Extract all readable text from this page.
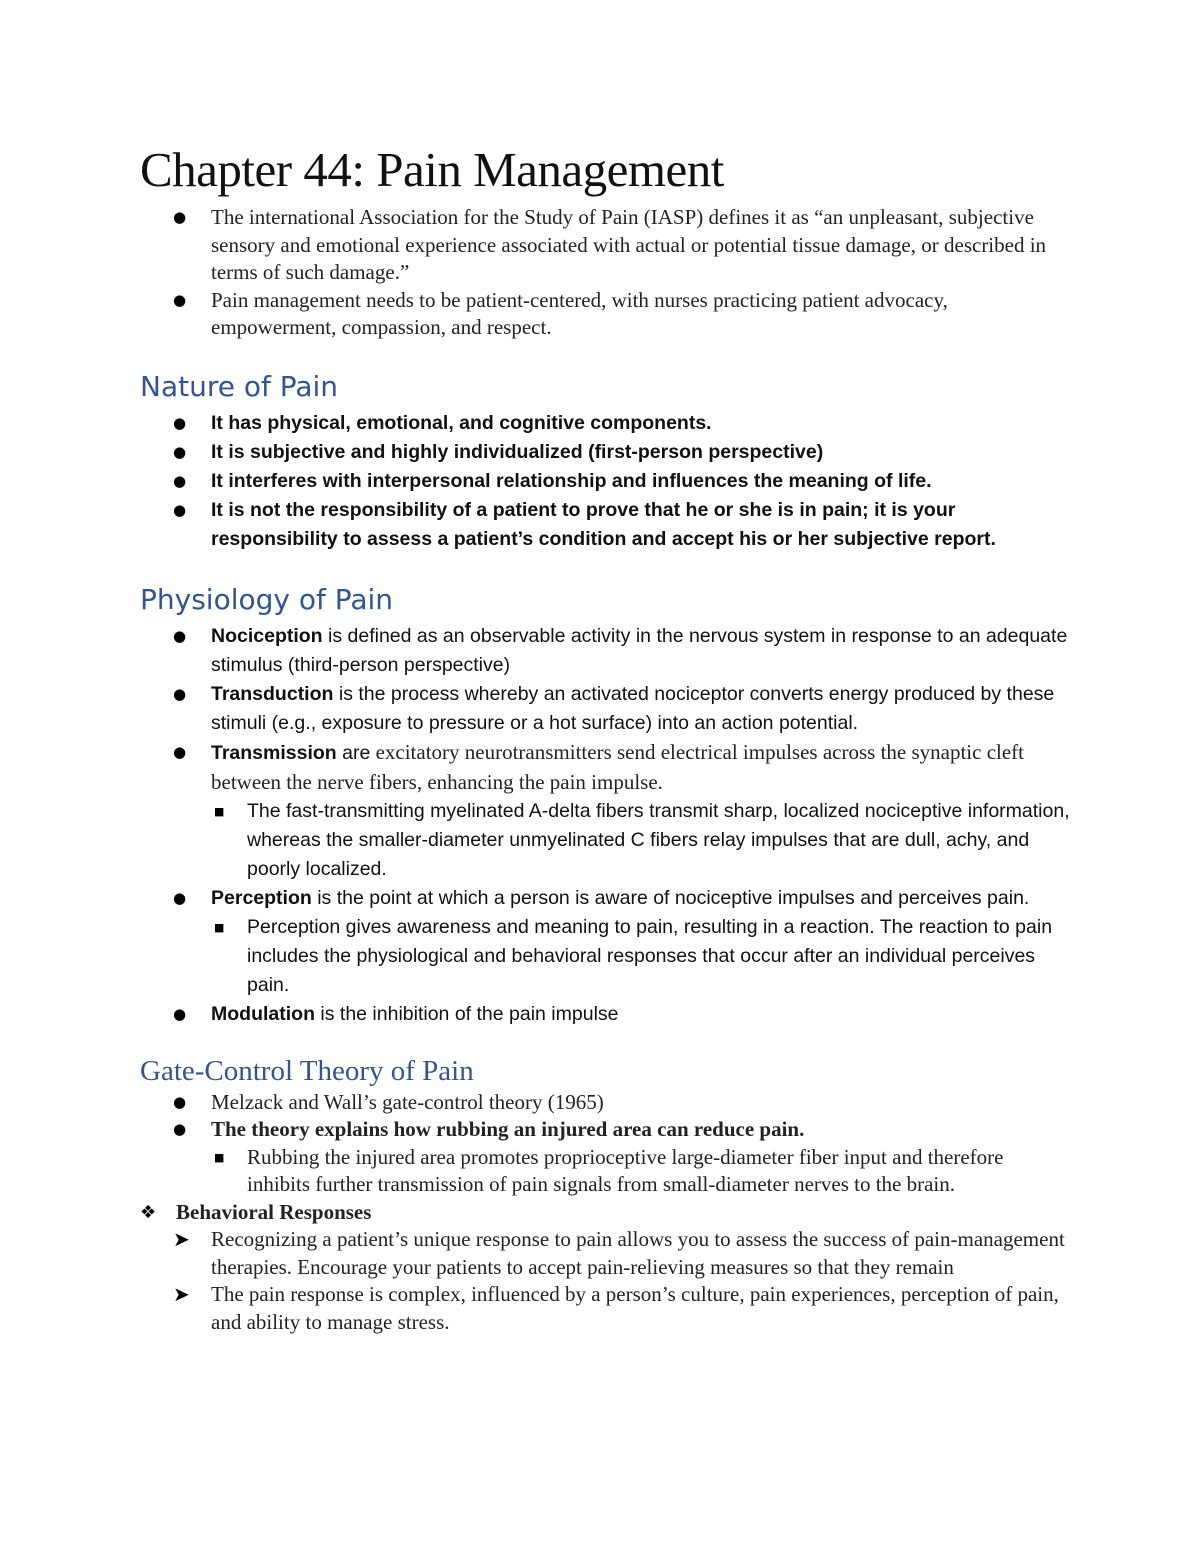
Chapter 44: Pain Management
● The international Association for the Study of Pain (IASP) defines it as “an unpleasant, subjective sensory and emotional experience associated with actual or potential tissue damage, or described in terms of such damage.”
● Pain management needs to be patient-centered, with nurses practicing patient advocacy, empowerment, compassion, and respect.
Nature of Pain
● It has physical, emotional, and cognitive components.
● It is subjective and highly individualized (first-person perspective)
● It interferes with interpersonal relationship and influences the meaning of life.
● It is not the responsibility of a patient to prove that he or she is in pain; it is your responsibility to assess a patient’s condition and accept his or her subjective report.
Physiology of Pain
● Nociception is defined as an observable activity in the nervous system in response to an adequate stimulus (third-person perspective)
● Transduction is the process whereby an activated nociceptor converts energy produced by these stimuli (e.g., exposure to pressure or a hot surface) into an action potential.
● Transmission are excitatory neurotransmitters send electrical impulses across the synaptic cleft between the nerve fibers, enhancing the pain impulse.
■ The fast-transmitting myelinated A-delta fibers transmit sharp, localized nociceptive information, whereas the smaller-diameter unmyelinated C fibers relay impulses that are dull, achy, and poorly localized.
● Perception is the point at which a person is aware of nociceptive impulses and perceives pain.
■ Perception gives awareness and meaning to pain, resulting in a reaction. The reaction to pain includes the physiological and behavioral responses that occur after an individual perceives pain.
● Modulation is the inhibition of the pain impulse
Gate-Control Theory of Pain
● Melzack and Wall’s gate-control theory (1965)
● The theory explains how rubbing an injured area can reduce pain.
■ Rubbing the injured area promotes proprioceptive large-diameter fiber input and therefore inhibits further transmission of pain signals from small-diameter nerves to the brain.
❖ Behavioral Responses
➤ Recognizing a patient’s unique response to pain allows you to assess the success of pain-management therapies. Encourage your patients to accept pain-relieving measures so that they remain
➤ The pain response is complex, influenced by a person’s culture, pain experiences, perception of pain, and ability to manage stress.
